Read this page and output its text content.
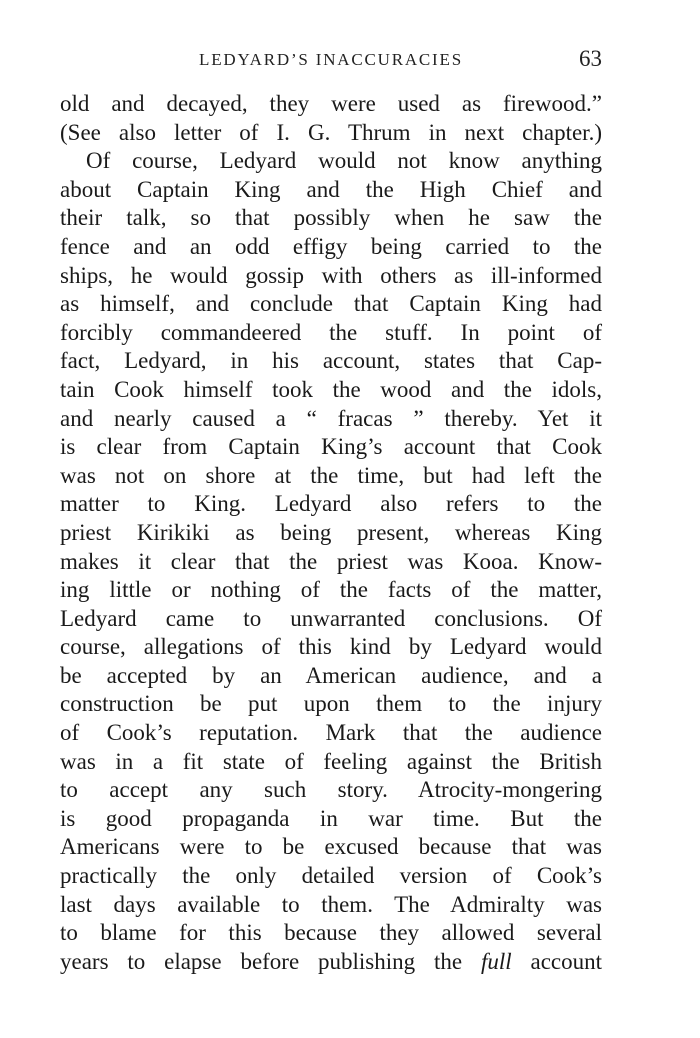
LEDYARD’S INACCURACIES	63
old and decayed, they were used as firewood.”
(See also letter of I. G. Thrum in next chapter.)
Of course, Ledyard would not know anything
about Captain King and the High Chief and
their talk, so that possibly when he saw the
fence and an odd effigy being carried to the
ships, he would gossip with others as ill-informed
as himself, and conclude that Captain King had
forcibly commandeered the stuff. In point of
fact, Ledyard, in his account, states that Cap-
tain Cook himself took the wood and the idols,
and nearly caused a “ fracas ” thereby. Yet it
is clear from Captain King’s account that Cook
was not on shore at the time, but had left the
matter to King. Ledyard also refers to the
priest Kirikiki as being present, whereas King
makes it clear that the priest was Kooa. Know-
ing little or nothing of the facts of the matter,
Ledyard came to unwarranted conclusions. Of
course, allegations of this kind by Ledyard would
be accepted by an American audience, and a
construction be put upon them to the injury
of Cook’s reputation. Mark that the audience
was in a fit state of feeling against the British
to accept any such story. Atrocity-mongering
is good propaganda in war time. But the
Americans were to be excused because that was
practically the only detailed version of Cook’s
last days available to them. The Admiralty was
to blame for this because they allowed several
years to elapse before publishing the full account
